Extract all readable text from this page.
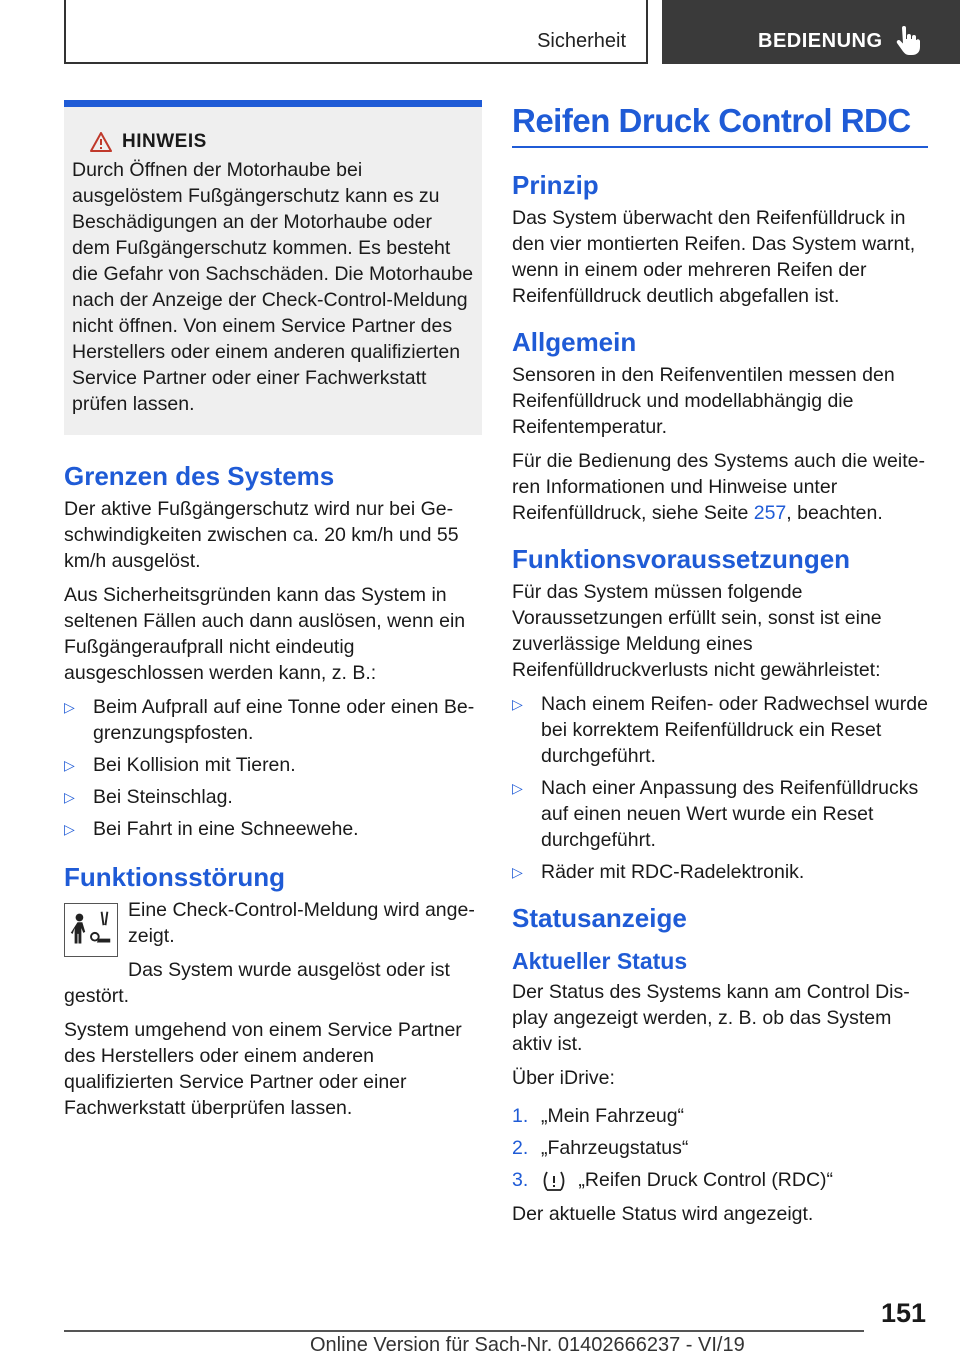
Sicherheit	BEDIENUNG
HINWEIS
Durch Öffnen der Motorhaube bei ausgelöstem Fußgängerschutz kann es zu Beschädigungen an der Motorhaube oder dem Fußgängerschutz kommen. Es besteht die Gefahr von Sachschäden. Die Motorhaube nach der Anzeige der Check-Control-Meldung nicht öffnen. Von einem Service Partner des Herstellers oder einem anderen qualifizierten Service Partner oder einer Fachwerkstatt prüfen lassen.
Grenzen des Systems

Der aktive Fußgängerschutz wird nur bei Geschwindigkeiten zwischen ca. 20 km/h und 55 km/h ausgelöst.

Aus Sicherheitsgründen kann das System in seltenen Fällen auch dann auslösen, wenn ein Fußgängeraufprall nicht eindeutig ausgeschlossen werden kann, z. B.:

▷ Beim Aufprall auf eine Tonne oder einen Begrenzungspfosten.
▷ Bei Kollision mit Tieren.
▷ Bei Steinschlag.
▷ Bei Fahrt in eine Schneewehe.
Funktionsstörung

Eine Check-Control-Meldung wird angezeigt.

Das System wurde ausgelöst oder ist gestört.

System umgehend von einem Service Partner des Herstellers oder einem anderen qualifizierten Service Partner oder einer Fachwerkstatt überprüfen lassen.

Reifen Druck Control RDC
Prinzip

Das System überwacht den Reifenfülldruck in den vier montierten Reifen. Das System warnt, wenn in einem oder mehreren Reifen der Reifenfülldruck deutlich abgefallen ist.

Allgemein

Sensoren in den Reifenventilen messen den Reifenfülldruck und modellabhängig die Reifentemperatur.

Für die Bedienung des Systems auch die weiteren Informationen und Hinweise unter Reifenfülldruck, siehe Seite 257, beachten.

Funktionsvoraussetzungen

Für das System müssen folgende Voraussetzungen erfüllt sein, sonst ist eine zuverlässige Meldung eines Reifenfülldruckverlusts nicht gewährleistet:

▷ Nach einem Reifen- oder Radwechsel wurde bei korrektem Reifenfülldruck ein Reset durchgeführt.
▷ Nach einer Anpassung des Reifenfülldrucks auf einen neuen Wert wurde ein Reset durchgeführt.
▷ Räder mit RDC-Radelektronik.
Statusanzeige
Aktueller Status

Der Status des Systems kann am Control Display angezeigt werden, z. B. ob das System aktiv ist.

Über iDrive:

1. „Mein Fahrzeug“
2. „Fahrzeugstatus“
3.	„Reifen Druck Control (RDC)“

Der aktuelle Status wird angezeigt.

151
Online Version für Sach-Nr. 01402666237 - VI/19
